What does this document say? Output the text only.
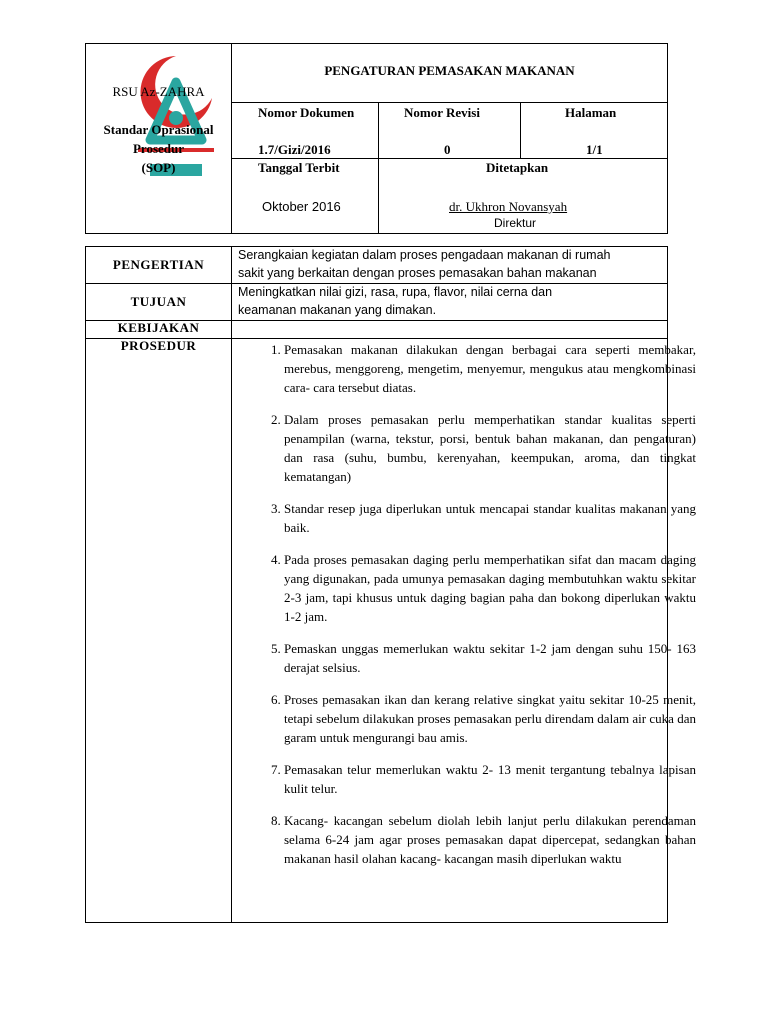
RSU Az-ZAHRA
Standar Oprasional
Prosedur
(SOP)
PENGATURAN PEMASAKAN MAKANAN
Nomor Dokumen
1.7/Gizi/2016
Nomor Revisi
0
Halaman
1/1
Tanggal Terbit
Oktober 2016
Ditetapkan
dr. Ukhron Novansyah
Direktur
PENGERTIAN
Serangkaian kegiatan dalam proses pengadaan makanan di rumah
sakit yang berkaitan dengan proses pemasakan bahan makanan
TUJUAN
Meningkatkan nilai gizi, rasa, rupa, flavor, nilai cerna dan
keamanan makanan yang dimakan.
KEBIJAKAN
PROSEDUR
1.	Pemasakan makanan dilakukan dengan berbagai cara seperti membakar, merebus, menggoreng, mengetim, menyemur, mengukus atau mengkombinasi cara- cara tersebut diatas.
2. Dalam proses pemasakan perlu memperhatikan standar kualitas seperti penampilan (warna, tekstur, porsi, bentuk bahan makanan, dan pengaturan) dan rasa (suhu, bumbu, kerenyahan, keempukan, aroma, dan tingkat kematangan)
3. Standar resep juga diperlukan untuk mencapai standar kualitas makanan yang baik.
4. Pada proses pemasakan daging perlu memperhatikan sifat dan macam daging yang digunakan, pada umunya pemasakan daging membutuhkan waktu sekitar 2-3 jam, tapi khusus untuk daging bagian paha dan bokong diperlukan waktu 1-2 jam.
5. Pemaskan unggas memerlukan waktu sekitar 1-2 jam dengan suhu 150- 163 derajat selsius.
6. Proses pemasakan ikan dan kerang relative singkat yaitu sekitar 10-25 menit, tetapi sebelum dilakukan proses pemasakan perlu direndam dalam air cuka dan garam untuk mengurangi bau amis.
7. Pemasakan telur memerlukan waktu 2- 13 menit tergantung tebalnya lapisan kulit telur.
8. Kacang- kacangan sebelum diolah lebih lanjut perlu dilakukan perendaman selama 6-24 jam agar proses pemasakan dapat dipercepat, sedangkan bahan makanan hasil olahan kacang- kacangan masih diperlukan waktu
